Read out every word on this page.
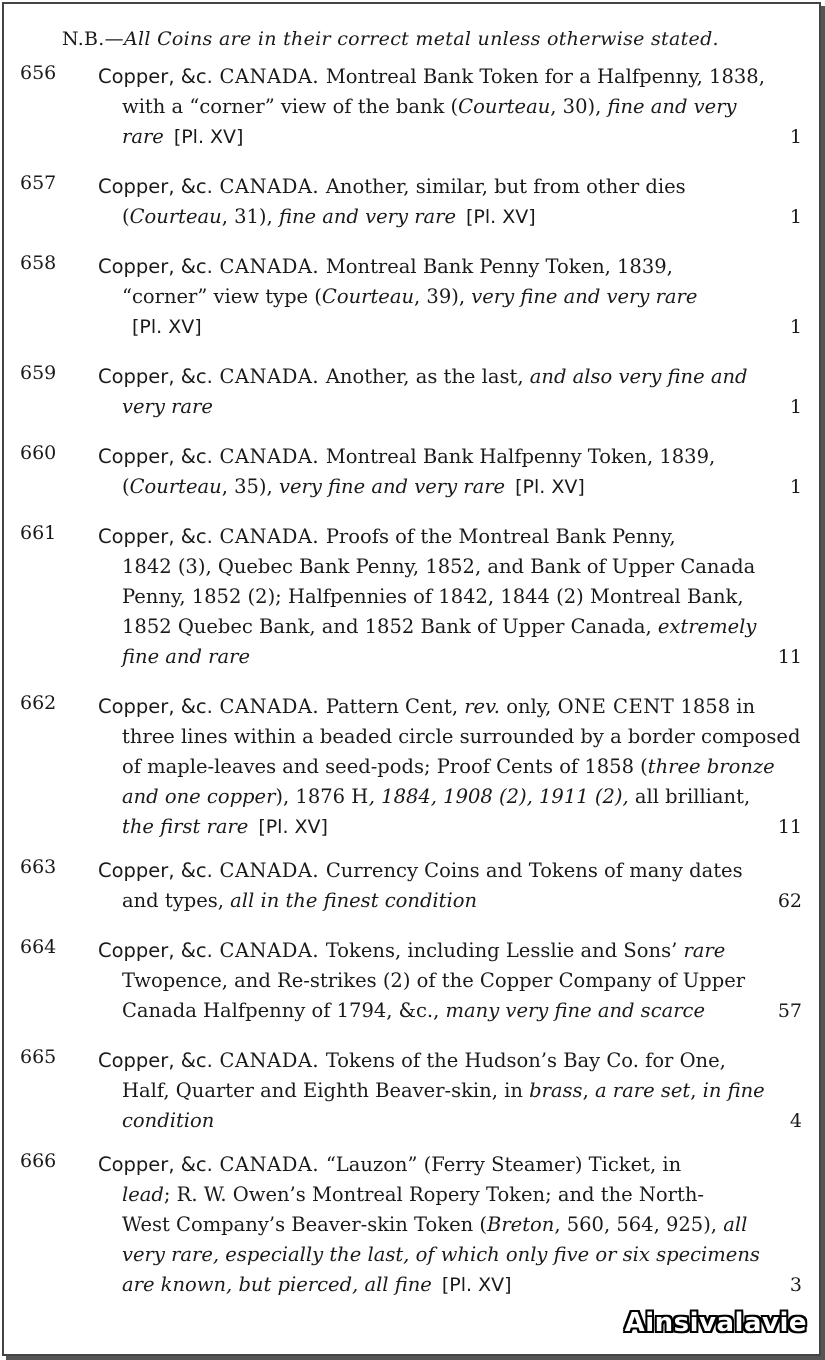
N.B.—All Coins are in their correct metal unless otherwise stated.
656 Copper, &c. CANADA. Montreal Bank Token for a Halfpenny, 1838,
with a “corner” view of the bank (Courteau, 30), fine and very
rare [Pl. XV]	1
657 Copper, &c. CANADA. Another, similar, but from other dies
(Courteau, 31), fine and very rare [Pl. XV]	1
658 Copper, &c. CANADA. Montreal Bank Penny Token, 1839,
“corner” view type (Courteau, 39), very fine and very rare
[Pl. XV]	1
659 Copper, &c. CANADA. Another, as the last, and also very fine and
very rare	1
660 Copper, &c. CANADA. Montreal Bank Halfpenny Token, 1839,
(Courteau, 35), very fine and very rare [Pl. XV]	1
661 Copper, &c. CANADA. Proofs of the Montreal Bank Penny,
1842 (3), Quebec Bank Penny, 1852, and Bank of Upper Canada
Penny, 1852 (2); Halfpennies of 1842, 1844 (2) Montreal Bank,
1852 Quebec Bank, and 1852 Bank of Upper Canada, extremely
fine and rare	11
662 Copper, &c. CANADA. Pattern Cent, rev. only, ONE CENT 1858 in
three lines within a beaded circle surrounded by a border composed
of maple-leaves and seed-pods; Proof Cents of 1858 (three bronze
and one copper), 1876 H, 1884, 1908 (2), 1911 (2), all brilliant,
the first rare [Pl. XV]	11
663 Copper, &c. CANADA. Currency Coins and Tokens of many dates
and types, all in the finest condition	62
664 Copper, &c. CANADA. Tokens, including Lesslie and Sons’ rare
Twopence, and Re-strikes (2) of the Copper Company of Upper
Canada Halfpenny of 1794, &c., many very fine and scarce	57
665 Copper, &c. CANADA. Tokens of the Hudson’s Bay Co. for One,
Half, Quarter and Eighth Beaver-skin, in brass, a rare set, in fine
condition	4
666 Copper, &c. CANADA. “Lauzon” (Ferry Steamer) Ticket, in
lead; R. W. Owen’s Montreal Ropery Token; and the North-
West Company’s Beaver-skin Token (Breton, 560, 564, 925), all
very rare, especially the last, of which only five or six specimens
are known, but pierced, all fine [Pl. XV]	3
Ainsivalavie
